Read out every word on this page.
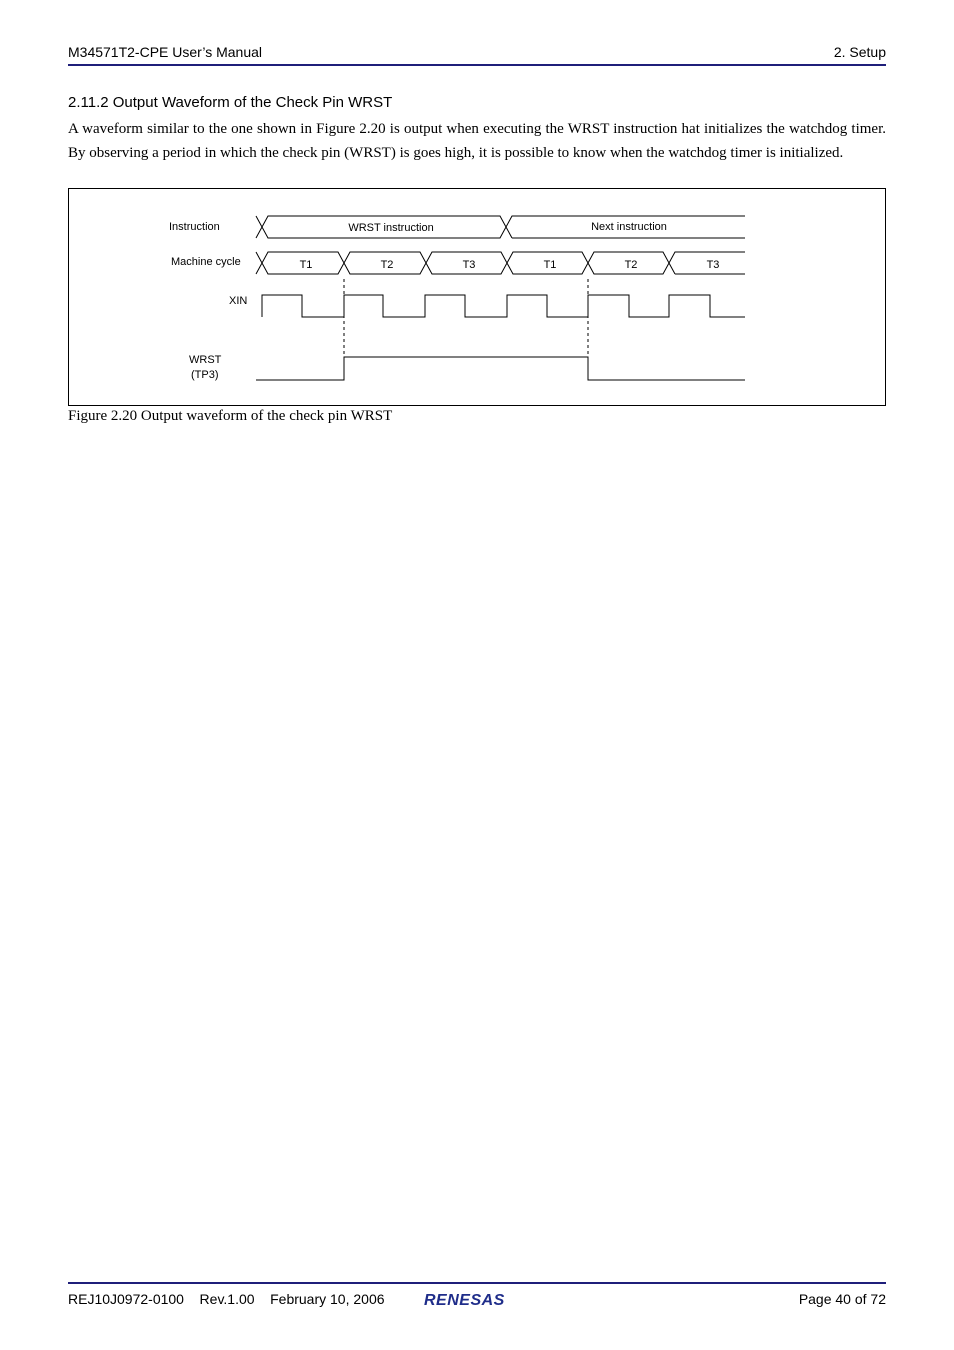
M34571T2-CPE User’s Manual	2. Setup
2.11.2 Output Waveform of the Check Pin WRST

A waveform similar to the one shown in Figure 2.20 is output when executing the WRST instruction hat initializes the watchdog timer. By observing a period in which the check pin (WRST) is goes high, it is possible to know when the watchdog timer is initialized.

Instruction
Machine cycle
XIN
WRST
(TP3)
WRST instruction	Next instruction
T1	T2	T3	T1	T2	T3
Figure 2.20 Output waveform of the check pin WRST
REJ10J0972-0100 Rev.1.00 February 10, 2006 RENESAS	Page 40 of 72
